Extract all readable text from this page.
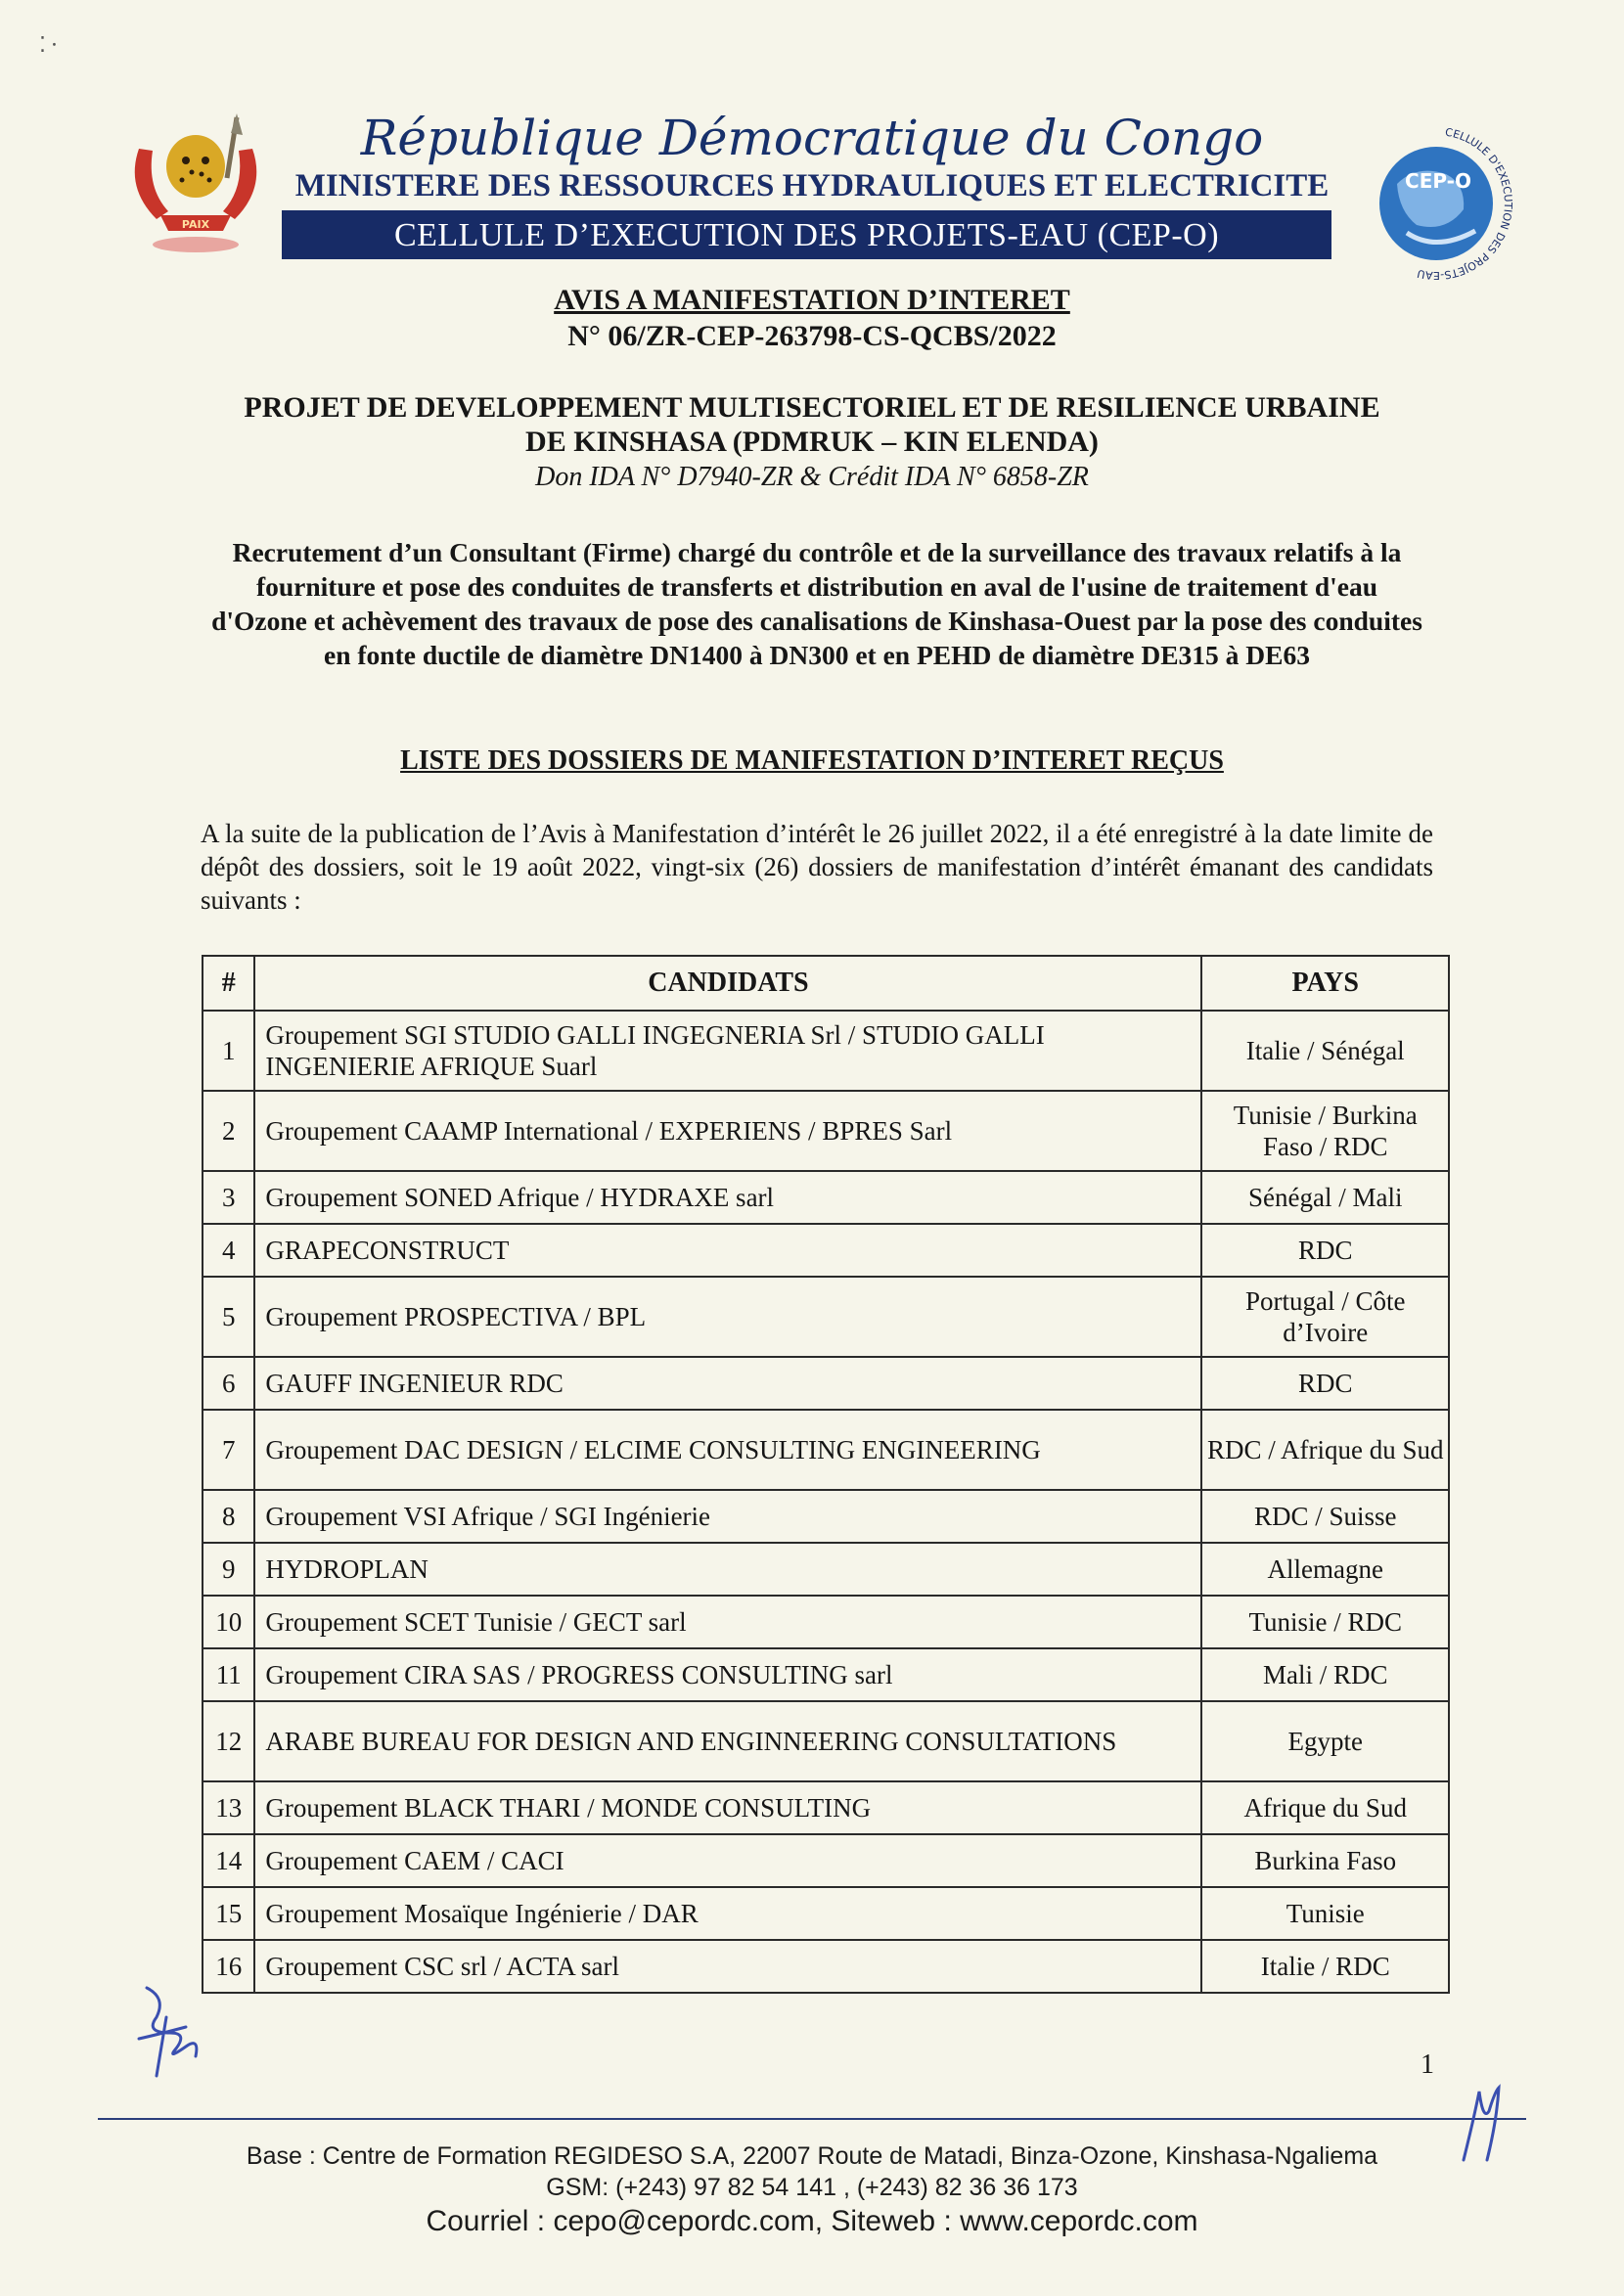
⁚ ⸱
PAIX
République Démocratique du Congo
MINISTERE DES RESSOURCES HYDRAULIQUES ET ELECTRICITE
CELLULE D’EXECUTION DES PROJETS-EAU (CEP-O)
CEP-O
CELLULE D'EXECUTION DES PROJETS-EAU
AVIS A MANIFESTATION D’INTERET
N° 06/ZR-CEP-263798-CS-QCBS/2022
PROJET DE DEVELOPPEMENT MULTISECTORIEL ET DE RESILIENCE URBAINE
DE KINSHASA (PDMRUK – KIN ELENDA)
Don IDA N° D7940-ZR & Crédit IDA N° 6858-ZR
Recrutement d’un Consultant (Firme) chargé du contrôle et de la surveillance des travaux relatifs à la fourniture et pose des conduites de transferts et distribution en aval de l'usine de traitement d'eau d'Ozone et achèvement des travaux de pose des canalisations de Kinshasa-Ouest par la pose des conduites en fonte ductile de diamètre DN1400 à DN300 et en PEHD de diamètre DE315 à DE63
LISTE DES DOSSIERS DE MANIFESTATION D’INTERET REÇUS
A la suite de la publication de l’Avis à Manifestation d’intérêt le 26 juillet 2022, il a été enregistré à la date limite de dépôt des dossiers, soit le 19 août 2022, vingt-six (26) dossiers de manifestation d’intérêt émanant des candidats suivants :
#	CANDIDATS	PAYS
1	Groupement SGI STUDIO GALLI INGEGNERIA Srl / STUDIO GALLI INGENIERIE AFRIQUE Suarl	Italie / Sénégal
2	Groupement CAAMP International / EXPERIENS / BPRES Sarl	Tunisie / Burkina Faso / RDC
3	Groupement SONED Afrique / HYDRAXE sarl	Sénégal / Mali
4	GRAPECONSTRUCT	RDC
5	Groupement PROSPECTIVA / BPL	Portugal / Côte d’Ivoire
6	GAUFF INGENIEUR RDC	RDC
7	Groupement DAC DESIGN / ELCIME CONSULTING ENGINEERING	RDC / Afrique du Sud
8	Groupement VSI Afrique / SGI Ingénierie	RDC / Suisse
9	HYDROPLAN	Allemagne
10	Groupement SCET Tunisie / GECT sarl	Tunisie / RDC
11	Groupement CIRA SAS / PROGRESS CONSULTING sarl	Mali / RDC
12	ARABE BUREAU FOR DESIGN AND ENGINNEERING CONSULTATIONS	Egypte
13	Groupement BLACK THARI / MONDE CONSULTING	Afrique du Sud
14	Groupement CAEM / CACI	Burkina Faso
15	Groupement Mosaïque Ingénierie / DAR	Tunisie
16	Groupement CSC srl / ACTA sarl	Italie / RDC
1
Base : Centre de Formation REGIDESO S.A, 22007 Route de Matadi, Binza-Ozone, Kinshasa-Ngaliema
GSM: (+243) 97 82 54 141 , (+243) 82 36 36 173
Courriel : cepo@cepordc.com, Siteweb : www.cepordc.com
